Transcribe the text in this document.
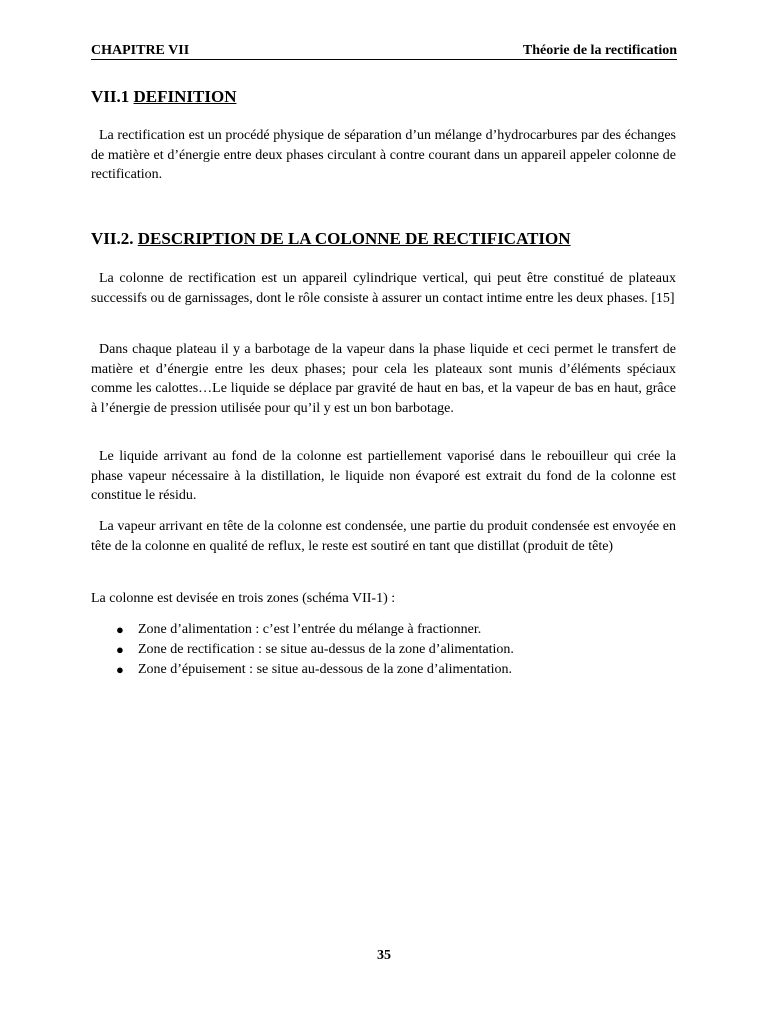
CHAPITRE VII	Théorie de la rectification
VII.1 DEFINITION

La rectification est un procédé physique de séparation d’un mélange d’hydrocarbures par des échanges de matière et d’énergie entre deux phases circulant à contre courant dans un appareil appeler colonne de rectification.

VII.2. DESCRIPTION DE LA COLONNE DE RECTIFICATION

La colonne de rectification est un appareil cylindrique vertical, qui peut être constitué de plateaux successifs ou de garnissages, dont le rôle consiste à assurer un contact intime entre les deux phases. [15]

Dans chaque plateau il y a barbotage de la vapeur dans la phase liquide et ceci permet le transfert de matière et d’énergie entre les deux phases; pour cela les plateaux sont munis d’éléments spéciaux comme les calottes…Le liquide se déplace par gravité de haut en bas, et la vapeur de bas en haut, grâce à l’énergie de pression utilisée pour qu’il y est un bon barbotage.

Le liquide arrivant au fond de la colonne est partiellement vaporisé dans le rebouilleur qui crée la phase vapeur nécessaire à la distillation, le liquide non évaporé est extrait du fond de la colonne est constitue le résidu.

La vapeur arrivant en tête de la colonne est condensée, une partie du produit condensée est envoyée en tête de la colonne en qualité de reflux, le reste est soutiré en tant que distillat (produit de tête)

La colonne est devisée en trois zones (schéma VII-1) :

● Zone d’alimentation : c’est l’entrée du mélange à fractionner.
● Zone de rectification : se situe au-dessus de la zone d’alimentation.
● Zone d’épuisement : se situe au-dessous de la zone d’alimentation.
35
